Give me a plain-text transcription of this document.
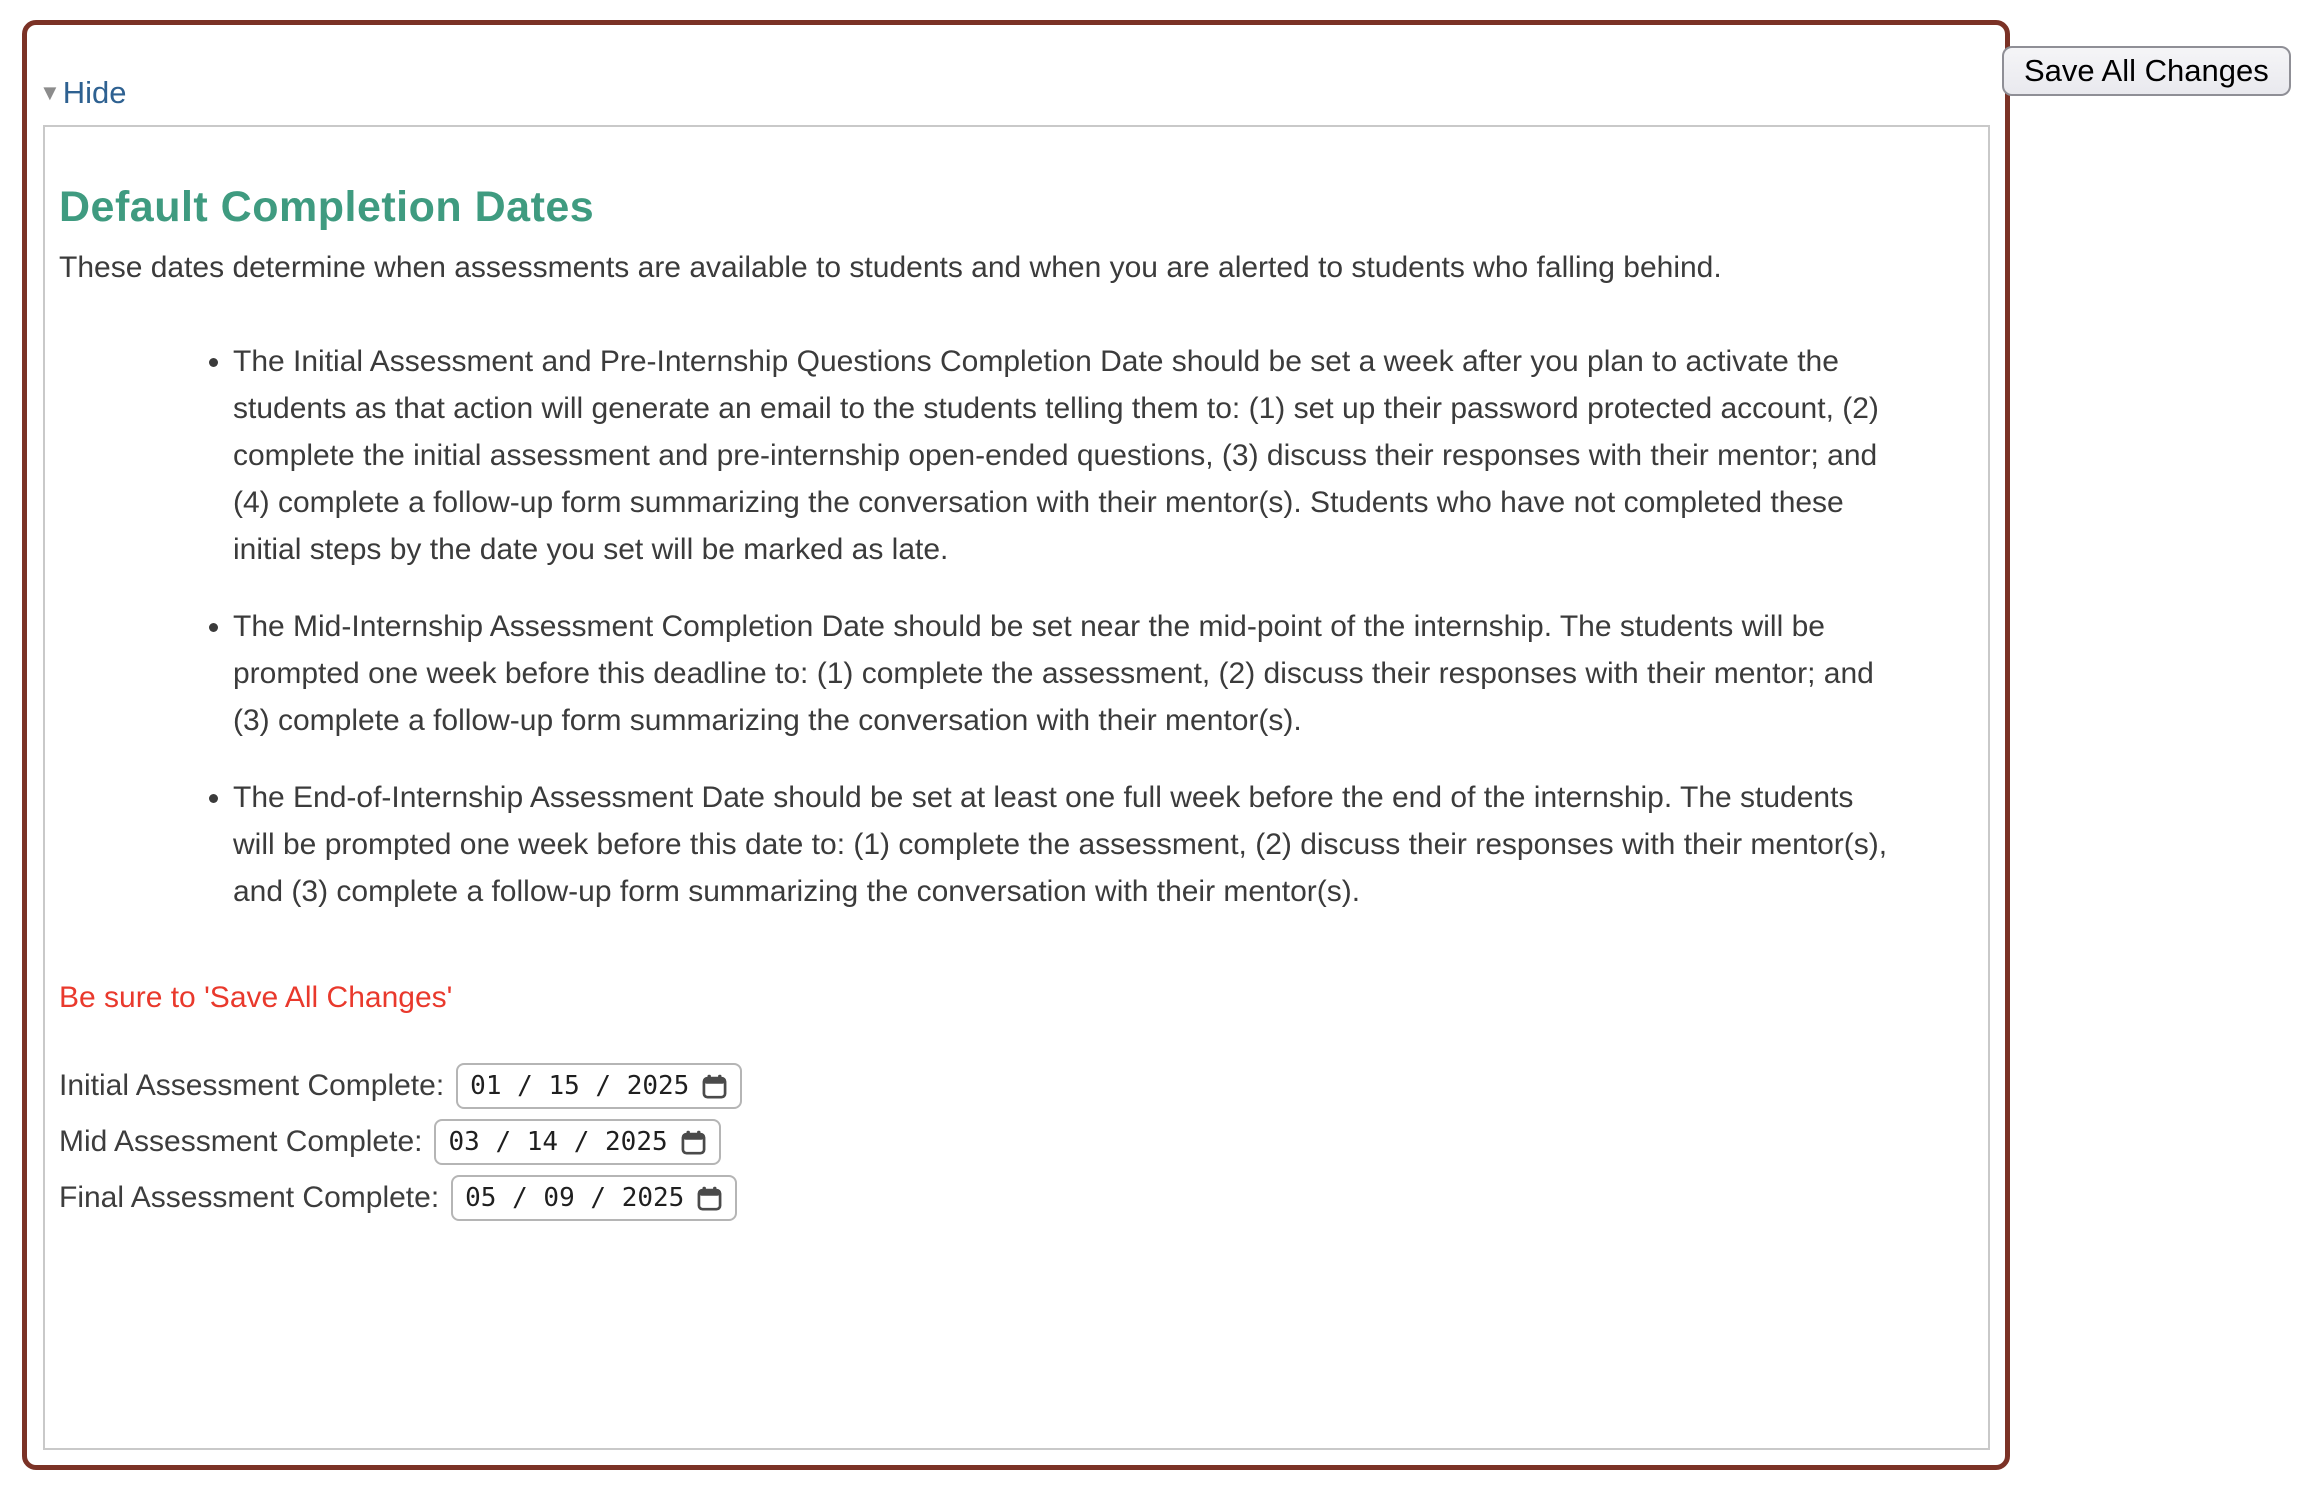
Save All Changes
▼ Hide
Default Completion Dates

These dates determine when assessments are available to students and when you are alerted to students who falling behind.

• The Initial Assessment and Pre-Internship Questions Completion Date should be set a week after you plan to activate the students as that action will generate an email to the students telling them to: (1) set up their password protected account, (2) complete the initial assessment and pre-internship open-ended questions, (3) discuss their responses with their mentor; and (4) complete a follow-up form summarizing the conversation with their mentor(s). Students who have not completed these initial steps by the date you set will be marked as late.
• The Mid-Internship Assessment Completion Date should be set near the mid-point of the internship. The students will be prompted one week before this deadline to: (1) complete the assessment, (2) discuss their responses with their mentor; and (3) complete a follow-up form summarizing the conversation with their mentor(s).
• The End-of-Internship Assessment Date should be set at least one full week before the end of the internship. The students will be prompted one week before this date to: (1) complete the assessment, (2) discuss their responses with their mentor(s), and (3) complete a follow-up form summarizing the conversation with their mentor(s).

Be sure to 'Save All Changes'

Initial Assessment Complete: 01 / 15 / 2025
Mid Assessment Complete: 03 / 14 / 2025
Final Assessment Complete: 05 / 09 / 2025
